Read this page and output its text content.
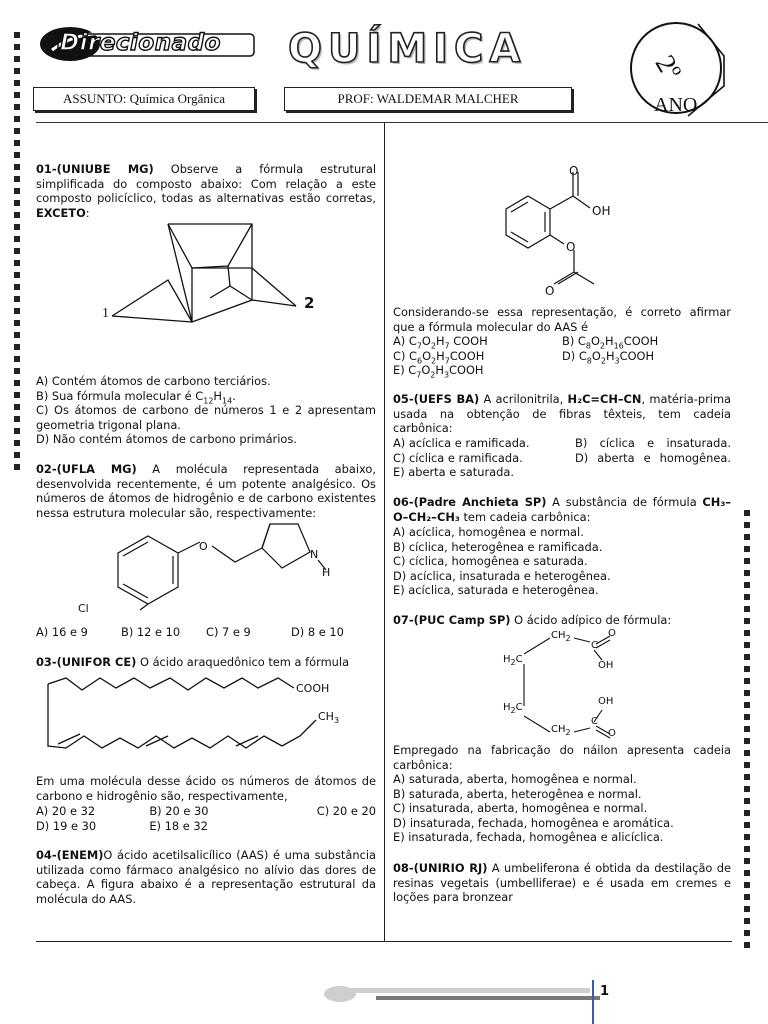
Direcionado QUÍMICA	2º
ANO
ASSUNTO: Química Orgânica	PROF: WALDEMAR MALCHER
01-(UNIUBE MG) Observe a fórmula estrutural simplificada do composto abaixo: Com relação a este composto policíclico, todas as alternativas estão corretas, EXCETO:
1
2
A) Contém átomos de carbono terciários.
B) Sua fórmula molecular é $C_{12}H_{14}$.
C) Os átomos de carbono de números 1 e 2 apresentam geometria trigonal plana.
D) Não contém átomos de carbono primários.
02-(UFLA MG) A molécula representada abaixo, desenvolvida recentemente, é um potente analgésico. Os números de átomos de hidrogênio e de carbono existentes nessa estrutura molecular são, respectivamente:
O
N
H
Cl
A) 16 e 9	B) 12 e 10	C) 7 e 9	D) 8 e 10
03-(UNIFOR CE) O ácido araquedônico tem a fórmula
COOH
$CH_3$
Em uma molécula desse ácido os números de átomos de carbono e hidrogênio são, respectivamente,
A) 20 e 32	B) 20 e 30	C) 20 e 20
D) 19 e 30	E) 18 e 32
04-(ENEM)O ácido acetilsalicílico (AAS) é uma substância utilizada como fármaco analgésico no alívio das dores de cabeça. A figura abaixo é a representação estrutural da molécula do AAS.
O
OH
O
O
Considerando-se essa representação, é correto afirmar que a fórmula molecular do AAS é
A) $C_7O_2H_7$ COOH	B) $C_8O_2H_{16}COOH$
C) $C_6O_2H_7COOH$	D) $C_8O_2H_3COOH$
E) $C_7O_2H_3COOH$
05-(UEFS BA) A acrilonitrila, H₂C=CH–CN, matéria-prima usada na obtenção de fibras têxteis, tem cadeia carbônica:
A) acíclica e ramificada.	B) cíclica e insaturada.
C) cíclica e ramificada.	D) aberta e homogênea.
E) aberta e saturada.
06-(Padre Anchieta SP) A substância de fórmula CH₃–O–CH₂–CH₃ tem cadeia carbônica:
A) acíclica, homogênea e normal.
B) cíclica, heterogênea e ramificada.
C) cíclica, homogênea e saturada.
D) acíclica, insaturada e heterogênea.
E) acíclica, saturada e heterogênea.
07-(PUC Camp SP) O ácido adípico de fórmula:
$CH_2$
C
O
OH
$H_2C$
$H_2C$
OH
C
$CH_2$	O
Empregado na fabricação do náilon apresenta cadeia carbônica:
A) saturada, aberta, homogênea e normal.
B) saturada, aberta, heterogênea e normal.
C) insaturada, aberta, homogênea e normal.
D) insaturada, fechada, homogênea e aromática.
E) insaturada, fechada, homogênea e alicíclica.
08-(UNIRIO RJ) A umbeliferona é obtida da destilação de resinas vegetais (umbelliferae) e é usada em cremes e loções para bronzear
1
